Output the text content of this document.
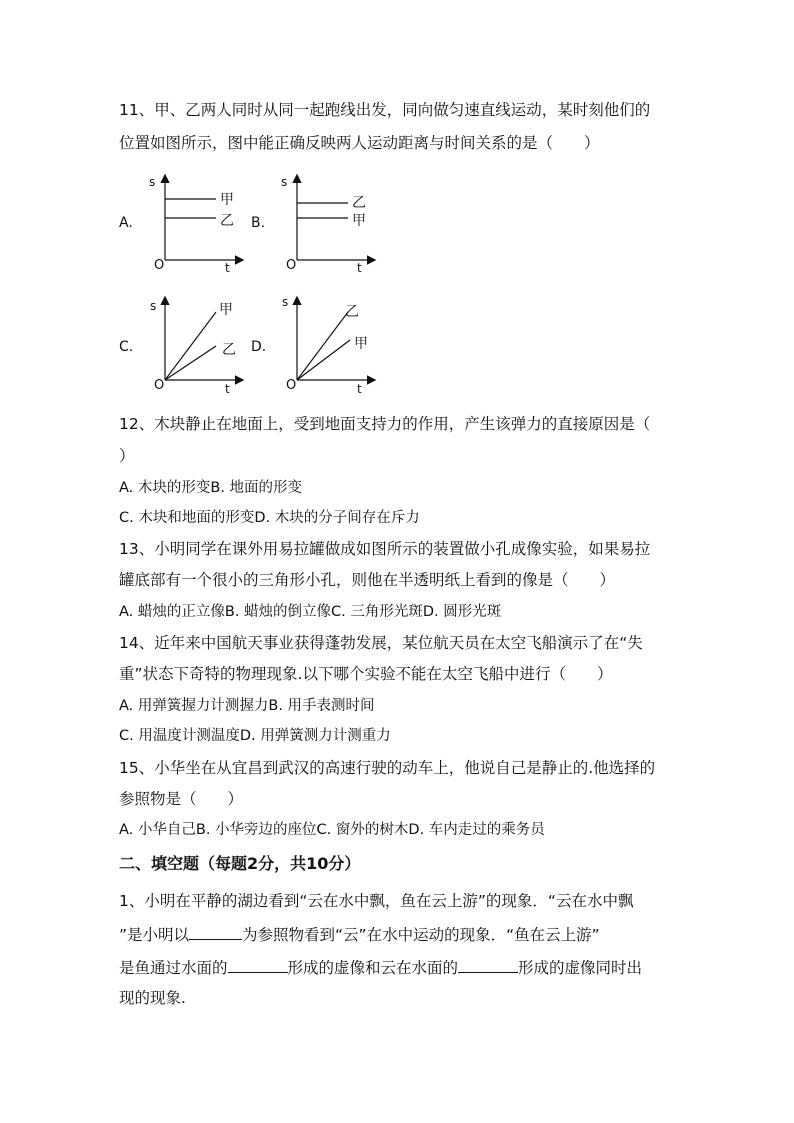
11、甲、乙两人同时从同一起跑线出发，同向做匀速直线运动，某时刻他们的
位置如图所示，图中能正确反映两人运动距离与时间关系的是（　　）
A.
s
t
O
甲
乙 B.
s
t
O
乙
甲
C.
s
t
O
甲
乙 D.
s
t
O
乙
甲
12、木块静止在地面上，受到地面支持力的作用，产生该弹力的直接原因是（
）
A. 木块的形变B. 地面的形变
C. 木块和地面的形变D. 木块的分子间存在斥力
13、小明同学在课外用易拉罐做成如图所示的装置做小孔成像实验，如果易拉
罐底部有一个很小的三角形小孔，则他在半透明纸上看到的像是（　　）
A. 蜡烛的正立像B. 蜡烛的倒立像C. 三角形光斑D. 圆形光斑
14、近年来中国航天事业获得蓬勃发展，某位航天员在太空飞船演示了在“失
重”状态下奇特的物理现象.以下哪个实验不能在太空飞船中进行（　　）
A. 用弹簧握力计测握力B. 用手表测时间
C. 用温度计测温度D. 用弹簧测力计测重力
15、小华坐在从宜昌到武汉的高速行驶的动车上，他说自己是静止的.他选择的
参照物是（　　）
A. 小华自己B. 小华旁边的座位C. 窗外的树木D. 车内走过的乘务员
二、填空题（每题2分，共10分）
1、小明在平静的湖边看到“云在水中飘，鱼在云上游”的现象．“云在水中飘
”是小明以	为参照物看到“云”在水中运动的现象．“鱼在云上游”
是鱼通过水面的	形成的虚像和云在水面的	形成的虚像同时出
现的现象.
